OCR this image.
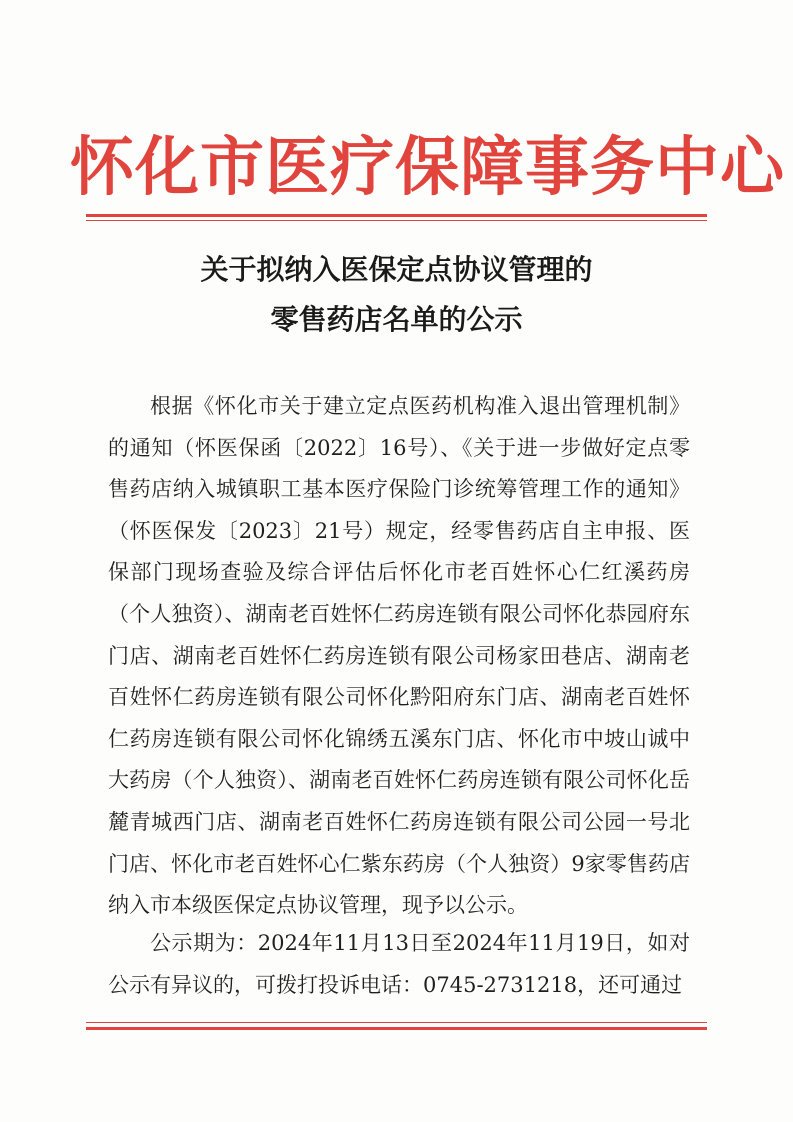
怀化市医疗保障事务中心
关于拟纳入医保定点协议管理的
零售药店名单的公示

根据《怀化市关于建立定点医药机构准入退出管理机制》的通知（怀医保函〔2022〕16号）、《关于进一步做好定点零售药店纳入城镇职工基本医疗保险门诊统筹管理工作的通知》（怀医保发〔2023〕21号）规定，经零售药店自主申报、医保部门现场查验及综合评估后怀化市老百姓怀心仁红溪药房（个人独资）、湖南老百姓怀仁药房连锁有限公司怀化恭园府东门店、湖南老百姓怀仁药房连锁有限公司杨家田巷店、湖南老百姓怀仁药房连锁有限公司怀化黔阳府东门店、湖南老百姓怀仁药房连锁有限公司怀化锦绣五溪东门店、怀化市中坡山诚中大药房（个人独资）、湖南老百姓怀仁药房连锁有限公司怀化岳麓青城西门店、湖南老百姓怀仁药房连锁有限公司公园一号北门店、怀化市老百姓怀心仁紫东药房（个人独资）9家零售药店纳入市本级医保定点协议管理，现予以公示。

公示期为：2024年11月13日至2024年11月19日，如对公示有异议的，可拨打投诉电话：0745-2731218，还可通过
